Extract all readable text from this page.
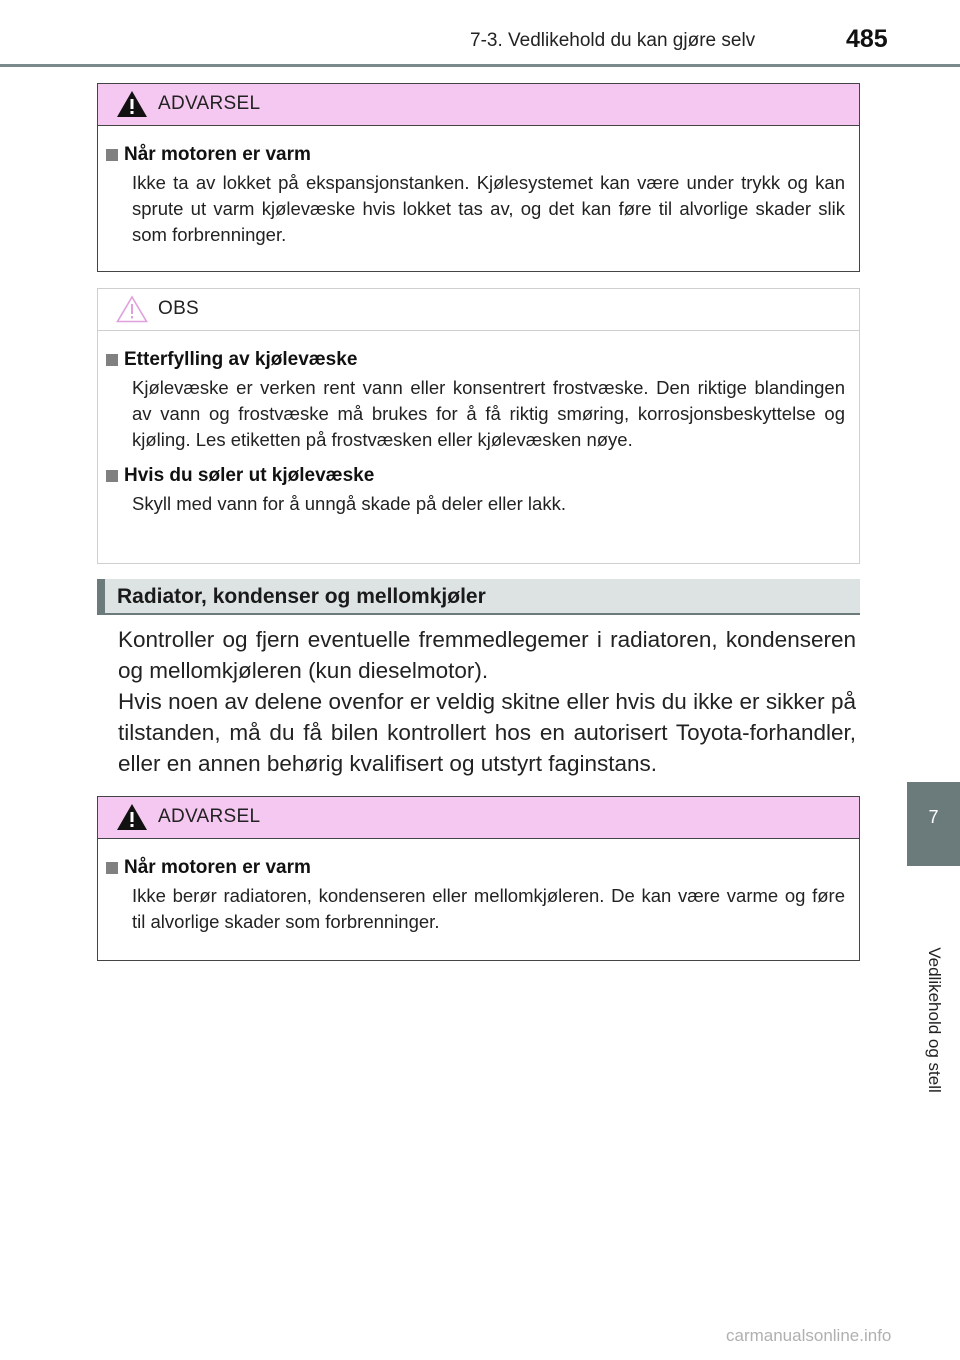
7-3. Vedlikehold du kan gjøre selv	485
7
Vedlikehold og stell
ADVARSEL
Når motoren er varm
Ikke ta av lokket på ekspansjonstanken. Kjølesystemet kan være under trykk og kan sprute ut varm kjølevæske hvis lokket tas av, og det kan føre til alvorlige skader slik som forbrenninger.
OBS
Etterfylling av kjølevæske
Kjølevæske er verken rent vann eller konsentrert frostvæske. Den riktige blandingen av vann og frostvæske må brukes for å få riktig smøring, korrosjonsbeskyttelse og kjøling. Les etiketten på frostvæsken eller kjølevæsken nøye.
Hvis du søler ut kjølevæske
Skyll med vann for å unngå skade på deler eller lakk.
Radiator, kondenser og mellomkjøler

Kontroller og fjern eventuelle fremmedlegemer i radiatoren, kondenseren og mellomkjøleren (kun dieselmotor).

Hvis noen av delene ovenfor er veldig skitne eller hvis du ikke er sikker på tilstanden, må du få bilen kontrollert hos en autorisert Toyota-forhandler, eller en annen behørig kvalifisert og utstyrt faginstans.

ADVARSEL
Når motoren er varm
Ikke berør radiatoren, kondenseren eller mellomkjøleren. De kan være varme og føre til alvorlige skader som forbrenninger.
carmanualsonline.info
